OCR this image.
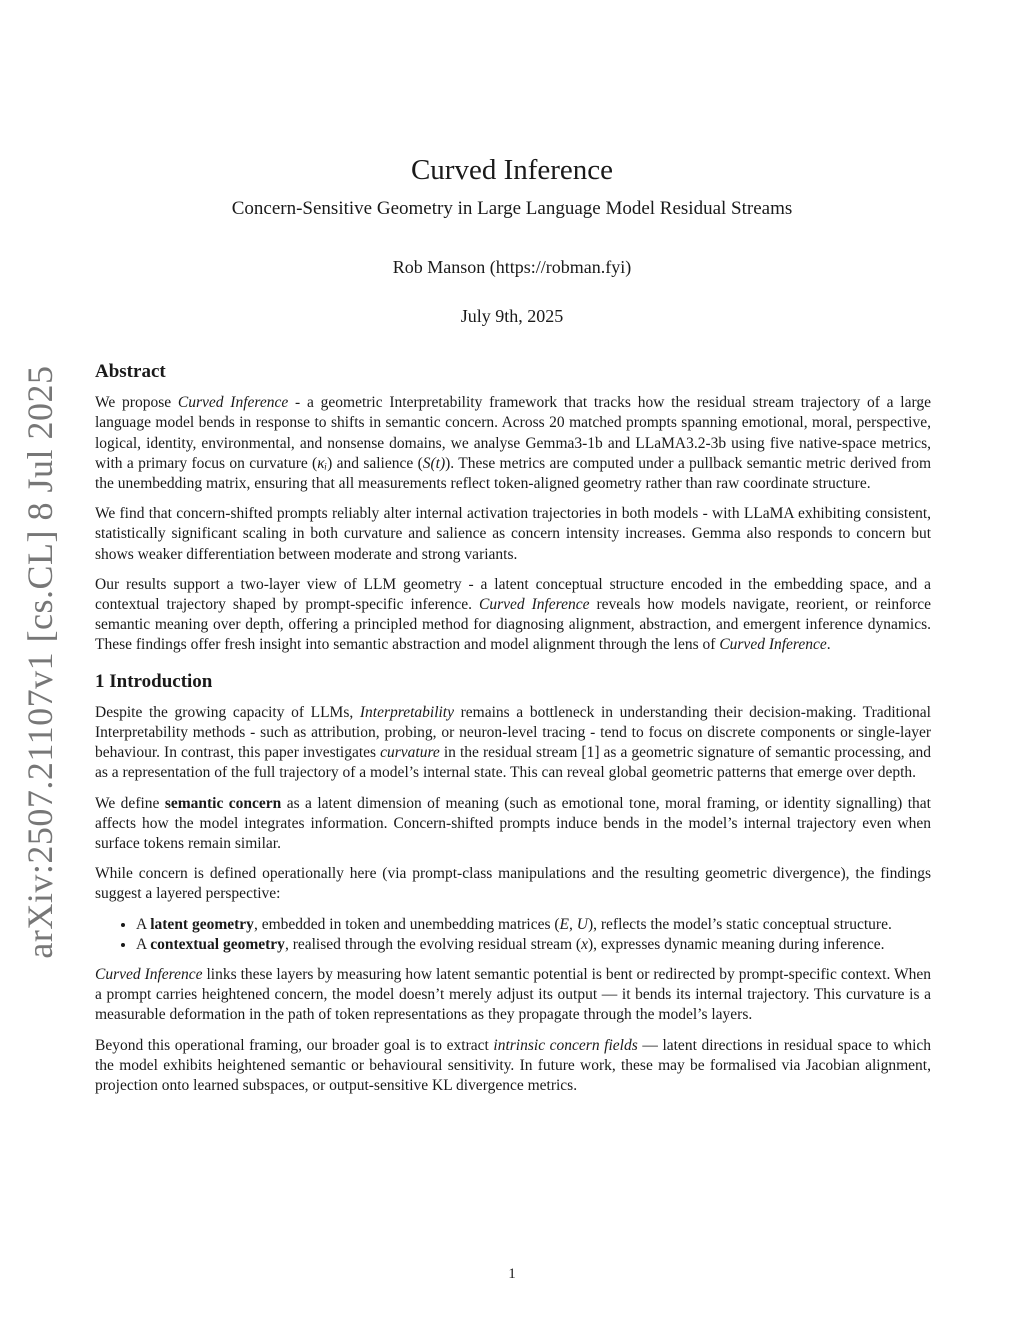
arXiv:2507.21107v1 [cs.CL] 8 Jul 2025
Curved Inference
Concern-Sensitive Geometry in Large Language Model Residual Streams
Rob Manson (https://robman.fyi)
July 9th, 2025
Abstract

We propose Curved Inference - a geometric Interpretability framework that tracks how the residual stream trajectory of a large language model bends in response to shifts in semantic concern. Across 20 matched prompts spanning emotional, moral, perspective, logical, identity, environmental, and nonsense domains, we analyse Gemma3-1b and LLaMA3.2-3b using five native-space metrics, with a primary focus on curvature (κᵢ) and salience (S(t)). These metrics are computed under a pullback semantic metric derived from the unembedding matrix, ensuring that all measurements reflect token-aligned geometry rather than raw coordinate structure.

We find that concern-shifted prompts reliably alter internal activation trajectories in both models - with LLaMA exhibiting consistent, statistically significant scaling in both curvature and salience as concern intensity increases. Gemma also responds to concern but shows weaker differentiation between moderate and strong variants.

Our results support a two-layer view of LLM geometry - a latent conceptual structure encoded in the embedding space, and a contextual trajectory shaped by prompt-specific inference. Curved Inference reveals how models navigate, reorient, or reinforce semantic meaning over depth, offering a principled method for diagnosing alignment, abstraction, and emergent inference dynamics. These findings offer fresh insight into semantic abstraction and model alignment through the lens of Curved Inference.

1 Introduction

Despite the growing capacity of LLMs, Interpretability remains a bottleneck in understanding their decision-making. Traditional Interpretability methods - such as attribution, probing, or neuron-level tracing - tend to focus on discrete components or single-layer behaviour. In contrast, this paper investigates curvature in the residual stream [1] as a geometric signature of semantic processing, and as a representation of the full trajectory of a model’s internal state. This can reveal global geometric patterns that emerge over depth.

We define semantic concern as a latent dimension of meaning (such as emotional tone, moral framing, or identity signalling) that affects how the model integrates information. Concern-shifted prompts induce bends in the model’s internal trajectory even when surface tokens remain similar.

While concern is defined operationally here (via prompt-class manipulations and the resulting geometric divergence), the findings suggest a layered perspective:

• A latent geometry, embedded in token and unembedding matrices (E, U), reflects the model’s static conceptual structure.
• A contextual geometry, realised through the evolving residual stream (x), expresses dynamic meaning during inference.

Curved Inference links these layers by measuring how latent semantic potential is bent or redirected by prompt-specific context. When a prompt carries heightened concern, the model doesn’t merely adjust its output — it bends its internal trajectory. This curvature is a measurable deformation in the path of token representations as they propagate through the model’s layers.

Beyond this operational framing, our broader goal is to extract intrinsic concern fields — latent directions in residual space to which the model exhibits heightened semantic or behavioural sensitivity. In future work, these may be formalised via Jacobian alignment, projection onto learned subspaces, or output-sensitive KL divergence metrics.

1
